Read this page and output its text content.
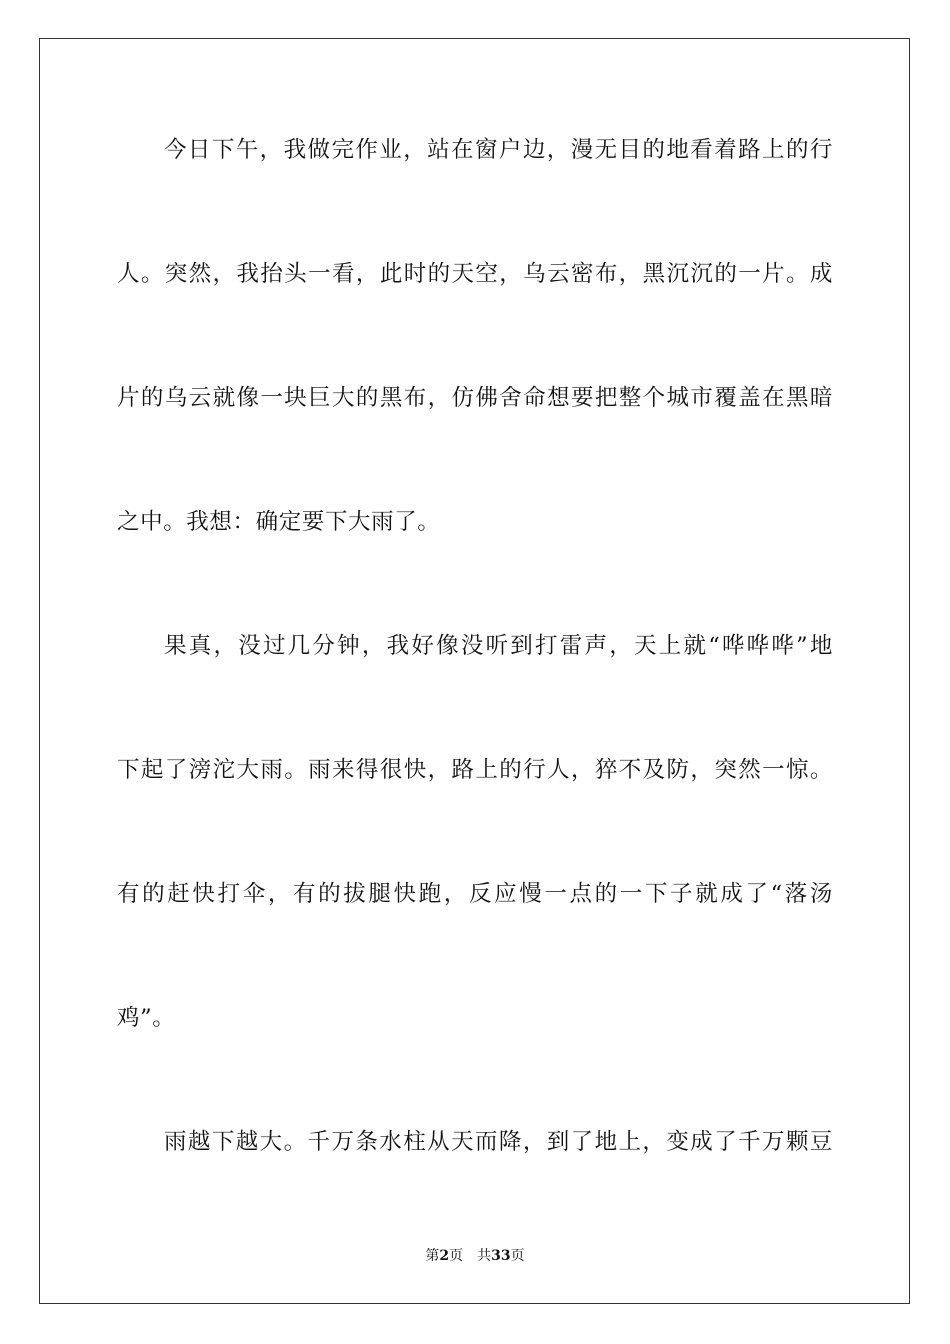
今日下午，我做完作业，站在窗户边，漫无目的地看着路上的行
人。突然，我抬头一看，此时的天空，乌云密布，黑沉沉的一片。成
片的乌云就像一块巨大的黑布，仿佛舍命想要把整个城市覆盖在黑暗
之中。我想：确定要下大雨了。
果真，没过几分钟，我好像没听到打雷声，天上就“哗哗哗”地
下起了滂沱大雨。雨来得很快，路上的行人，猝不及防，突然一惊。
有的赶快打伞，有的拔腿快跑，反应慢一点的一下子就成了“落汤
鸡”。
雨越下越大。千万条水柱从天而降，到了地上，变成了千万颗豆
第2页 共33页
